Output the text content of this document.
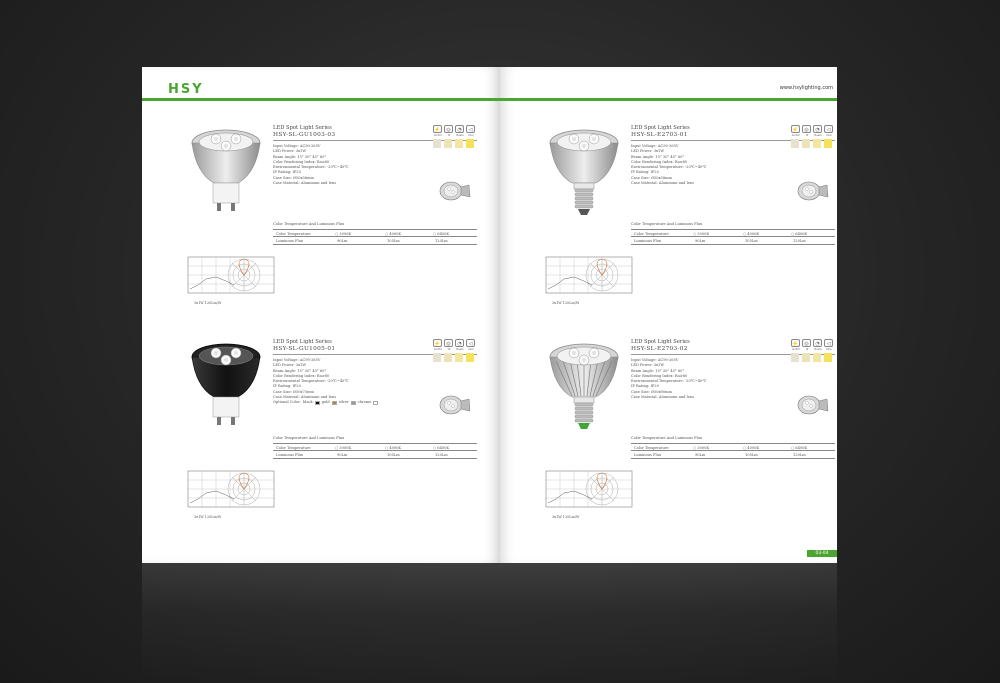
HSY
LED Spot Light Series
HSY-SL-GU1003-03
Input Voltage: AC90-265V
LED Power: 3x1W
Beam Angle: 15° 30° 45° 60°
Color Rendering Index: Ra≥80
Environmental Temperature: -20℃~40℃
IP Rating: IP20
Case Size: Ø50x56mm
Case Material: Aluminum and lens
⚡
AC/DC
◎
IP
◔
Beam
◁
Dim
Color Temperature And Luminous Flux
Color Temperature	○ 3000K	○ 4000K	○ 6400K
Luminous Flux	90Lm	105Lm	120Lm
3x1W 120Lm/W
LED Spot Light Series
HSY-SL-GU1005-01
Input Voltage: AC90-265V
LED Power: 3x1W
Beam Angle: 15° 30° 45° 60°
Color Rendering Index: Ra≥80
Environmental Temperature: -20℃~40℃
IP Rating: IP20
Case Size: Ø50x75mm
Case Material: Aluminum and lens
Optional Color: black	gold	silver	chrome
⚡
AC/DC
◎
IP
◔
Beam
◁
Dim
Color Temperature And Luminous Flux
Color Temperature	○ 3000K	○ 4000K	○ 6400K
Luminous Flux	90Lm	105Lm	120Lm
3x1W 120Lm/W
www.hsylighting.com
LED Spot Light Series
HSY-SL-E2703-01
Input Voltage: AC90-265V
LED Power: 3x1W
Beam Angle: 15° 30° 45° 60°
Color Rendering Index: Ra≥80
Environmental Temperature: -20℃~40℃
IP Rating: IP20
Case Size: Ø50x58mm
Case Material: Aluminum and lens
⚡
AC/DC
◎
IP
◔
Beam
◁
Dim
Color Temperature And Luminous Flux
Color Temperature	○ 3000K	○ 4000K	○ 6400K
Luminous Flux	90Lm	105Lm	120Lm
3x1W 120Lm/W
LED Spot Light Series
HSY-SL-E2703-02
Input Voltage: AC90-265V
LED Power: 3x1W
Beam Angle: 15° 30° 45° 60°
Color Rendering Index: Ra≥80
Environmental Temperature: -20℃~40℃
IP Rating: IP20
Case Size: Ø50x80mm
Case Material: Aluminum and lens
⚡
AC/DC
◎
IP
◔
Beam
◁
Dim
Color Temperature And Luminous Flux
Color Temperature	○ 3000K	○ 4000K	○ 6400K
Luminous Flux	90Lm	105Lm	120Lm
3x1W 120Lm/W
03-04
